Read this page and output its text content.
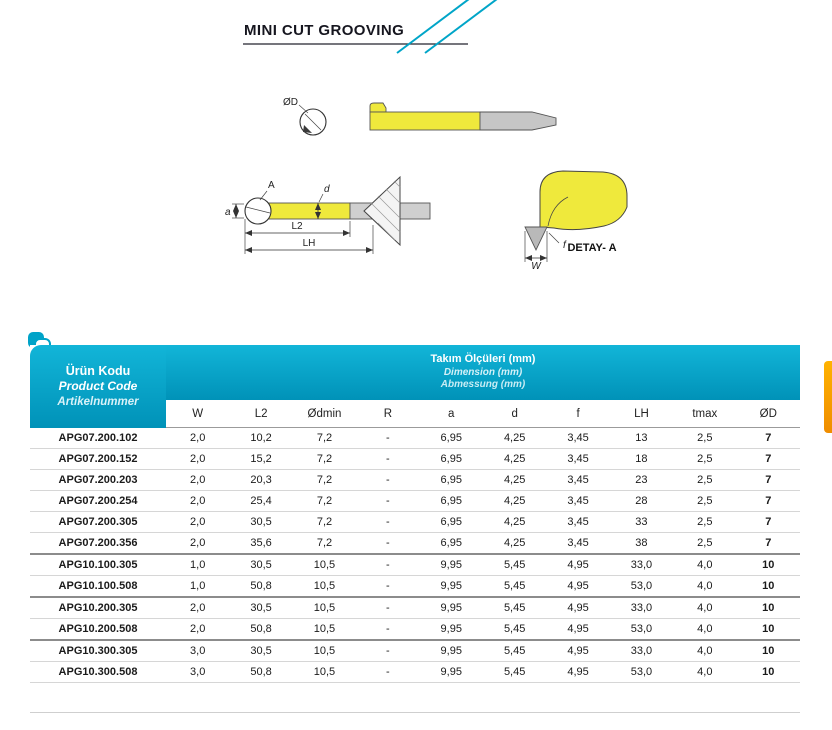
MINI CUT GROOVING
ØD
A	d
a
L2
LH
W
f DETAY- A
Ürün Kodu
Product Code
Artikelnummer	Takım Ölçüleri (mm)
Dimension (mm)
Abmessung (mm)									

	W	L2	Ødmin	R	a	d	f	LH	tmax	ØD
APG07.200.102	2,0	10,2	7,2	-	6,95	4,25	3,45	13	2,5	7
APG07.200.152	2,0	15,2	7,2	-	6,95	4,25	3,45	18	2,5	7
APG07.200.203	2,0	20,3	7,2	-	6,95	4,25	3,45	23	2,5	7
APG07.200.254	2,0	25,4	7,2	-	6,95	4,25	3,45	28	2,5	7
APG07.200.305	2,0	30,5	7,2	-	6,95	4,25	3,45	33	2,5	7
APG07.200.356	2,0	35,6	7,2	-	6,95	4,25	3,45	38	2,5	7
APG10.100.305	1,0	30,5	10,5	-	9,95	5,45	4,95	33,0	4,0	10
APG10.100.508	1,0	50,8	10,5	-	9,95	5,45	4,95	53,0	4,0	10
APG10.200.305	2,0	30,5	10,5	-	9,95	5,45	4,95	33,0	4,0	10
APG10.200.508	2,0	50,8	10,5	-	9,95	5,45	4,95	53,0	4,0	10
APG10.300.305	3,0	30,5	10,5	-	9,95	5,45	4,95	33,0	4,0	10
APG10.300.508	3,0	50,8	10,5	-	9,95	5,45	4,95	53,0	4,0	10
